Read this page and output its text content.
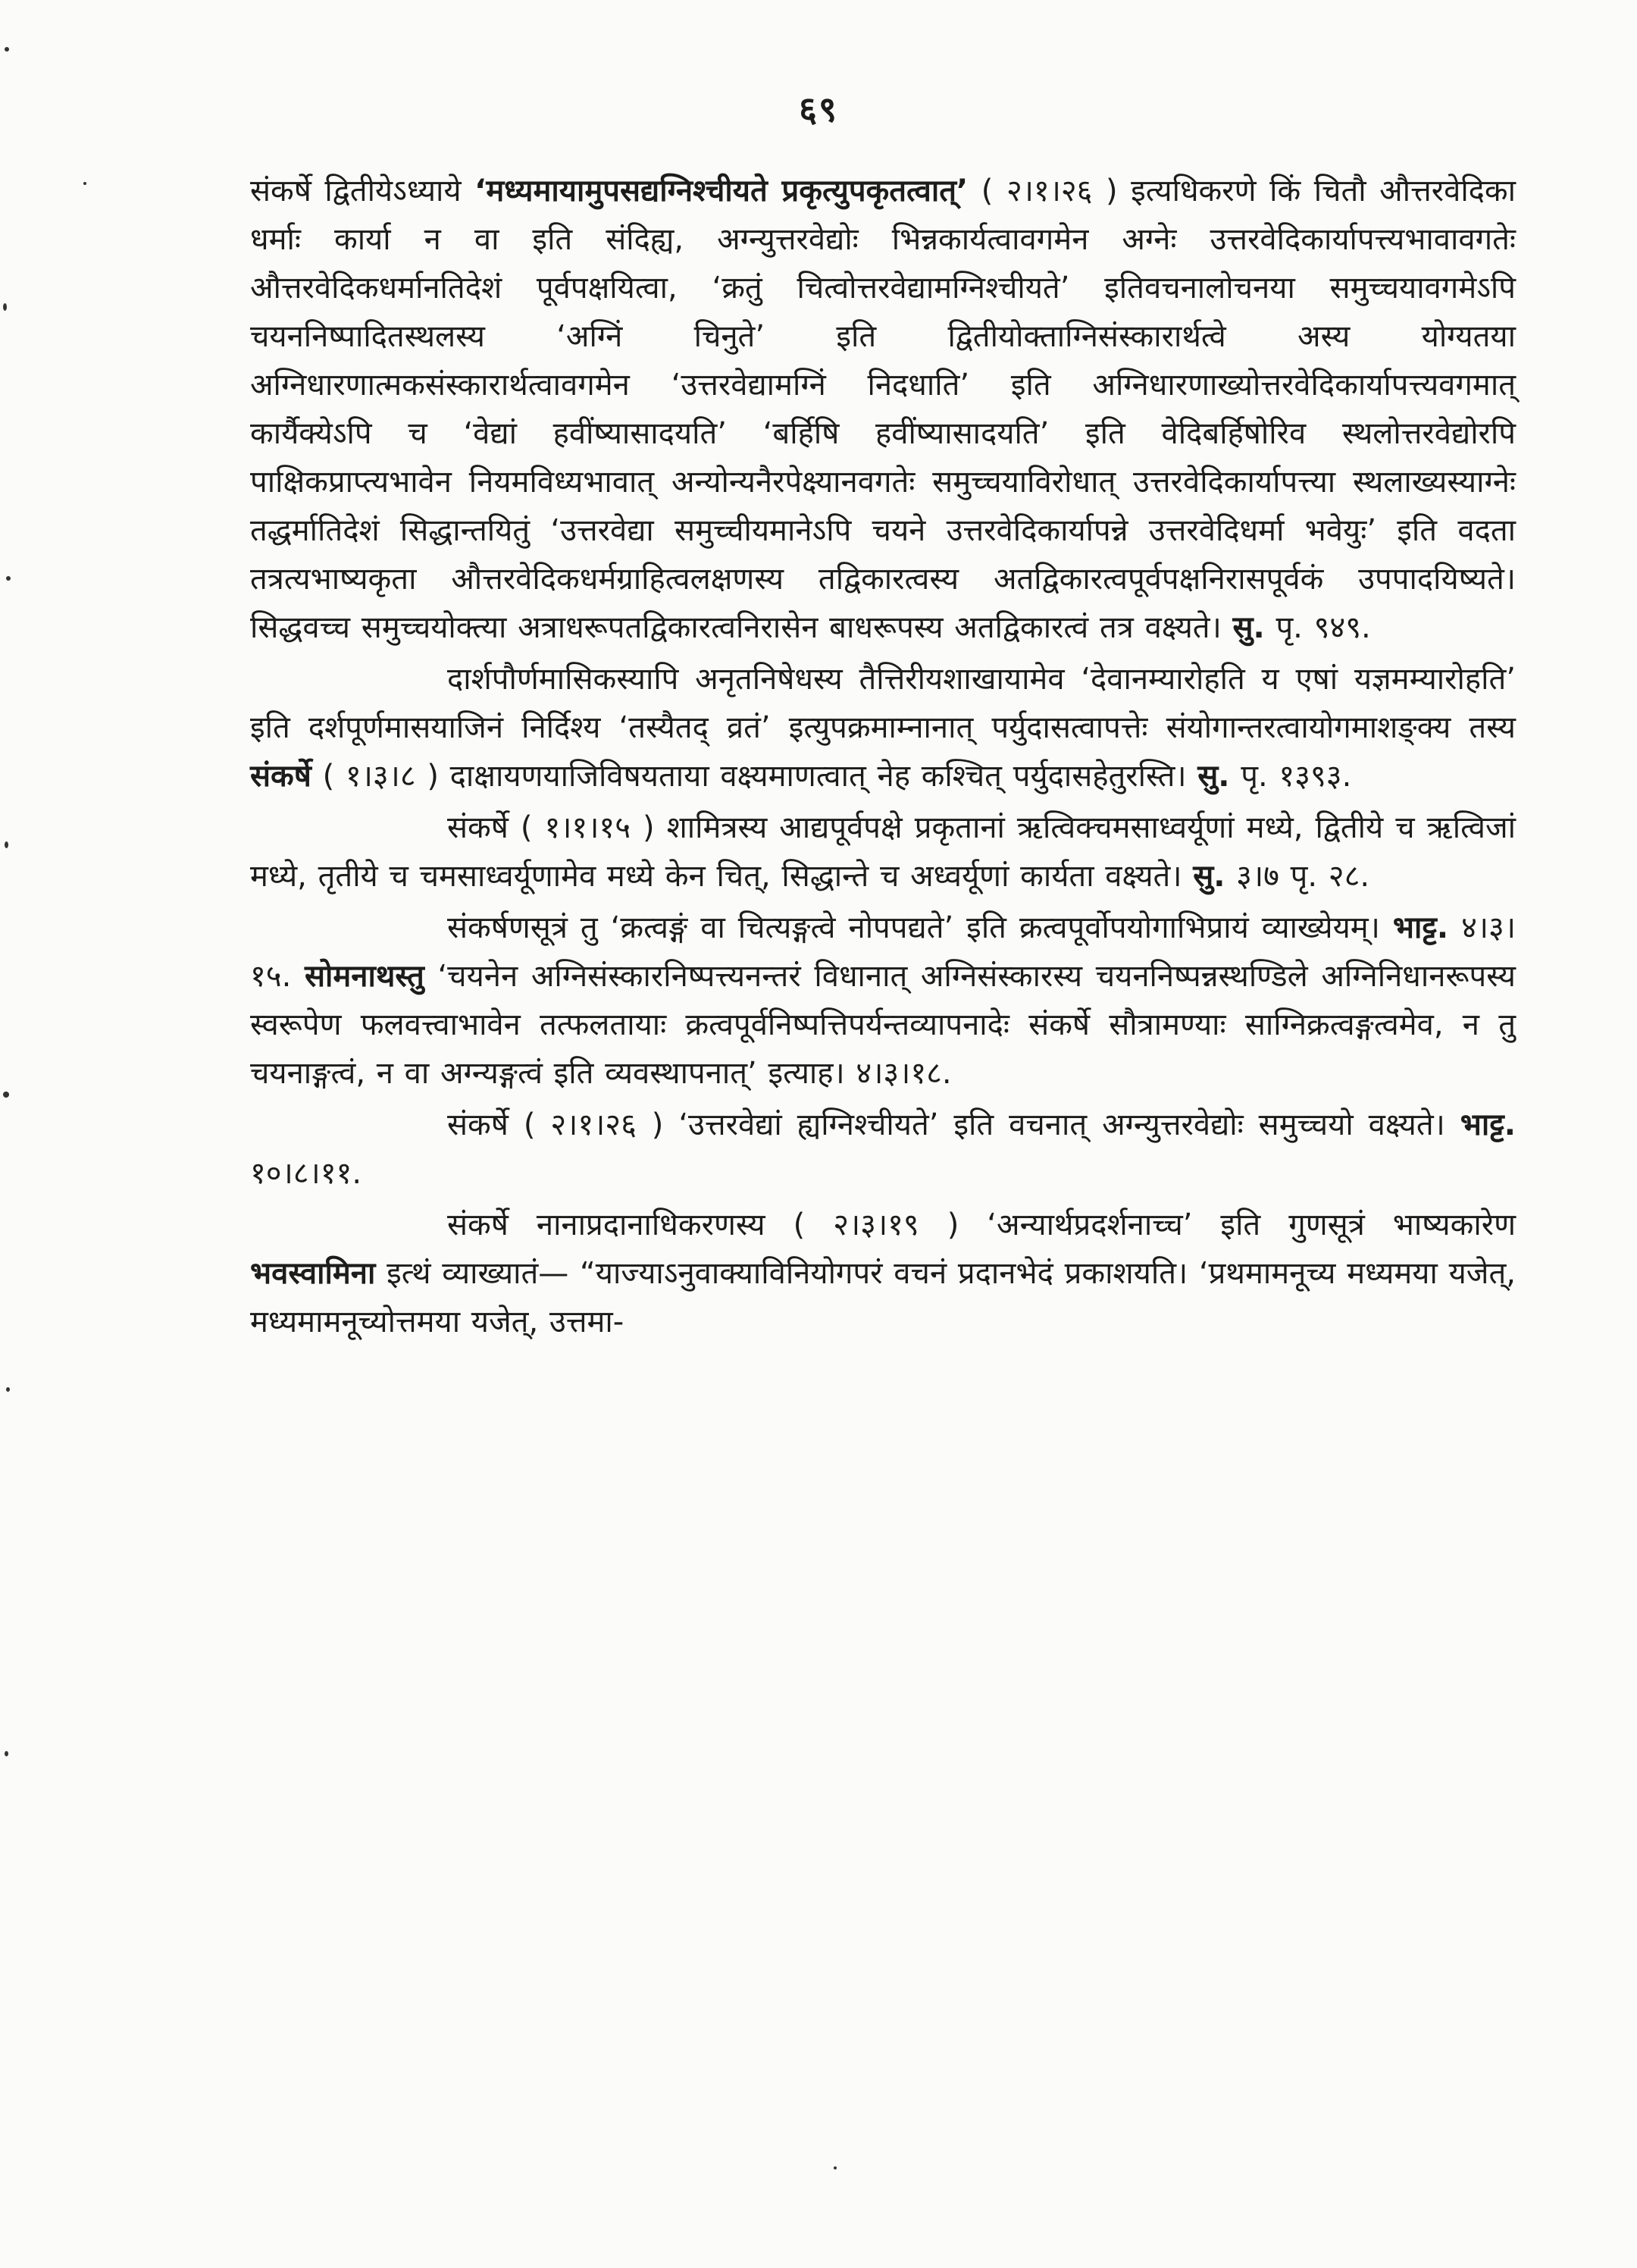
६९

संकर्षे द्वितीयेऽध्याये ‘मध्यमायामुपसद्यग्निश्चीयते प्रकृत्युपकृतत्वात्’ ( २।१।२६ ) इत्यधिकरणे किं चितौ औत्तरवेदिका धर्माः कार्या न वा इति संदिह्य, अग्न्युत्तरवेद्योः भिन्नकार्यत्वावगमेन अग्नेः उत्तरवेदिकार्यापत्त्यभावावगतेः औत्तरवेदिकधर्मानतिदेशं पूर्वपक्षयित्वा, ‘क्रतुं चित्वोत्तरवेद्यामग्निश्चीयते’ इतिवचनालोचनया समुच्चयावगमेऽपि चयननिष्पादितस्थलस्य ‘अग्निं चिनुते’ इति द्वितीयोक्ताग्निसंस्कारार्थत्वे अस्य योग्यतया अग्निधारणात्मकसंस्कारार्थत्वावगमेन ‘उत्तरवेद्यामग्निं निदधाति’ इति अग्निधारणाख्योत्तरवेदिकार्यापत्त्यवगमात् कार्यैक्येऽपि च ‘वेद्यां हवींष्यासादयति’ ‘बर्हिषि हवींष्यासादयति’ इति वेदिबर्हिषोरिव स्थलोत्तरवेद्योरपि पाक्षिकप्राप्त्यभावेन नियमविध्यभावात् अन्योन्यनैरपेक्ष्यानवगतेः समुच्चयाविरोधात् उत्तरवेदिकार्यापत्त्या स्थलाख्यस्याग्नेः तद्धर्मातिदेशं सिद्धान्तयितुं ‘उत्तरवेद्या समुच्चीयमानेऽपि चयने उत्तरवेदिकार्यापन्ने उत्तरवेदिधर्मा भवेयुः’ इति वदता तत्रत्यभाष्यकृता औत्तरवेदिकधर्मग्राहित्वलक्षणस्य तद्विकारत्वस्य अतद्विकारत्वपूर्वपक्षनिरासपूर्वकं उपपादयिष्यते। सिद्धवच्च समुच्चयोक्त्या अत्राधरूपतद्विकारत्वनिरासेन बाधरूपस्य अतद्विकारत्वं तत्र वक्ष्यते। सु. पृ. ९४९.

दार्शपौर्णमासिकस्यापि अनृतनिषेधस्य तैत्तिरीयशाखायामेव ‘देवानम्यारोहति य एषां यज्ञमम्यारोहति’ इति दर्शपूर्णमासयाजिनं निर्दिश्य ‘तस्यैतद् व्रतं’ इत्युपक्रमाम्नानात् पर्युदासत्वापत्तेः संयोगान्तरत्वायोगमाशङ्क्य तस्य संकर्षे ( १।३।८ ) दाक्षायणयाजिविषयताया वक्ष्यमाणत्वात् नेह कश्चित् पर्युदासहेतुरस्ति। सु. पृ. १३९३.

संकर्षे ( १।१।१५ ) शामित्रस्य आद्यपूर्वपक्षे प्रकृतानां ऋत्विक्चमसाध्वर्यूणां मध्ये, द्वितीये च ऋत्विजां मध्ये, तृतीये च चमसाध्वर्यूणामेव मध्ये केन चित्, सिद्धान्ते च अध्वर्यूणां कार्यता वक्ष्यते। सु. ३।७ पृ. २८.

संकर्षणसूत्रं तु ‘क्रत्वङ्गं वा चित्यङ्गत्वे नोपपद्यते’ इति क्रत्वपूर्वोपयोगाभिप्रायं व्याख्येयम्। भाट्ट. ४।३।१५. सोमनाथस्तु ‘चयनेन अग्निसंस्कारनिष्पत्त्यनन्तरं विधानात् अग्निसंस्कारस्य चयननिष्पन्नस्थण्डिले अग्निनिधानरूपस्य स्वरूपेण फलवत्त्वाभावेन तत्फलतायाः क्रत्वपूर्वनिष्पत्तिपर्यन्तव्यापनादेः संकर्षे सौत्रामण्याः साग्निक्रत्वङ्गत्वमेव, न तु चयनाङ्गत्वं, न वा अग्न्यङ्गत्वं इति व्यवस्थापनात्’ इत्याह। ४।३।१८.

संकर्षे ( २।१।२६ ) ‘उत्तरवेद्यां ह्यग्निश्चीयते’ इति वचनात् अग्न्युत्तरवेद्योः समुच्चयो वक्ष्यते। भाट्ट. १०।८।११.

संकर्षे नानाप्रदानाधिकरणस्य ( २।३।१९ ) ‘अन्यार्थप्रदर्शनाच्च’ इति गुणसूत्रं भाष्यकारेण भवस्वामिना इत्थं व्याख्यातं— “याज्याऽनुवाक्याविनियोगपरं वचनं प्रदानभेदं प्रकाशयति। ‘प्रथमामनूच्य मध्यमया यजेत्, मध्यमामनूच्योत्तमया यजेत्, उत्तमा-
